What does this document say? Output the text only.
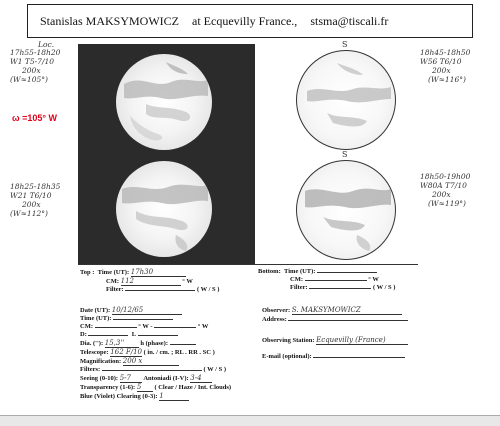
Stanislas MAKSYMOWICZ at Ecquevilly France., stsma@tiscali.fr
Loc.
17h55-18h20
W1 T5-7/10
200x
(W≈105°)
ω =105° W
18h25-18h35
W21 T6/10
200x
(W≈112°)
18h45-18h50
W56 T6/10
200x
(W≈116°)
18h50-19h00
W80A T7/10
200x
(W≈119°)
S
S
Top : Time (UT): 17h30
CM: 112	° W
Filter:	( W / S )
Bottom: Time (UT):
CM:	° W
Filter:	( W / S )
Date (UT): 10/12/65
Time (UT):
CM:	° W -	° W
D:	L
Dia. (''): 15,3'' h (phase):
Telescope: 162 F/10 ( in. / cm. ; RL . RR . SC )
Magnification: 200 x
Filters:	( W / S )
Seeing (0-10): 5-7 Antoniadi (I-V): 3-4
Transparency (1-6): 5 ( Clear / Haze / Int. Clouds)
Blue (Violet) Clearing (0-3): 1
Observer: S. MAKSYMOWICZ
Address:
Observing Station: Ecquevilly (France)
E-mail (optional):
